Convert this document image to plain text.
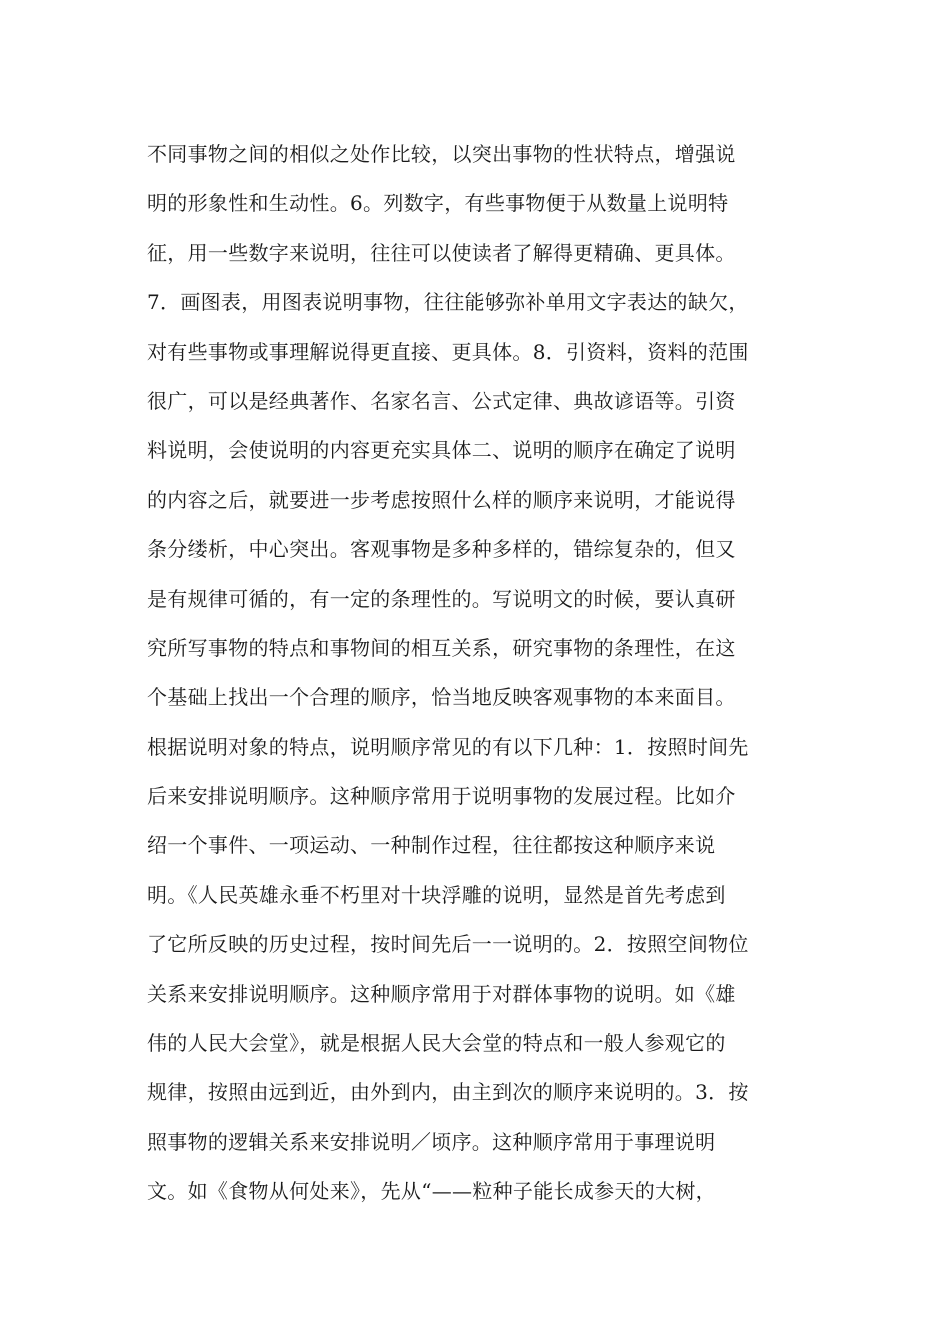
不同事物之间的相似之处作比较，以突出事物的性状特点，增强说
明的形象性和生动性。6。列数字，有些事物便于从数量上说明特
征，用一些数字来说明，往往可以使读者了解得更精确、更具体。
7．画图表，用图表说明事物，往往能够弥补单用文字表达的缺欠，
对有些事物或事理解说得更直接、更具体。8．引资料，资料的范围
很广，可以是经典著作、名家名言、公式定律、典故谚语等。引资
料说明，会使说明的内容更充实具体二、说明的顺序在确定了说明
的内容之后，就要进一步考虑按照什么样的顺序来说明，才能说得
条分缕析，中心突出。客观事物是多种多样的，错综复杂的，但又
是有规律可循的，有一定的条理性的。写说明文的时候，要认真研
究所写事物的特点和事物间的相互关系，研究事物的条理性，在这
个基础上找出一个合理的顺序，恰当地反映客观事物的本来面目。
根据说明对象的特点，说明顺序常见的有以下几种：1．按照时间先
后来安排说明顺序。这种顺序常用于说明事物的发展过程。比如介
绍一个事件、一项运动、一种制作过程，往往都按这种顺序来说
明。《人民英雄永垂不朽里对十块浮雕的说明，显然是首先考虑到
了它所反映的历史过程，按时间先后一一说明的。2．按照空间物位
关系来安排说明顺序。这种顺序常用于对群体事物的说明。如《雄
伟的人民大会堂》，就是根据人民大会堂的特点和一般人参观它的
规律，按照由远到近，由外到内，由主到次的顺序来说明的。3．按
照事物的逻辑关系来安排说明／顷序。这种顺序常用于事理说明
文。如《食物从何处来》，先从“——粒种子能长成参天的大树，
